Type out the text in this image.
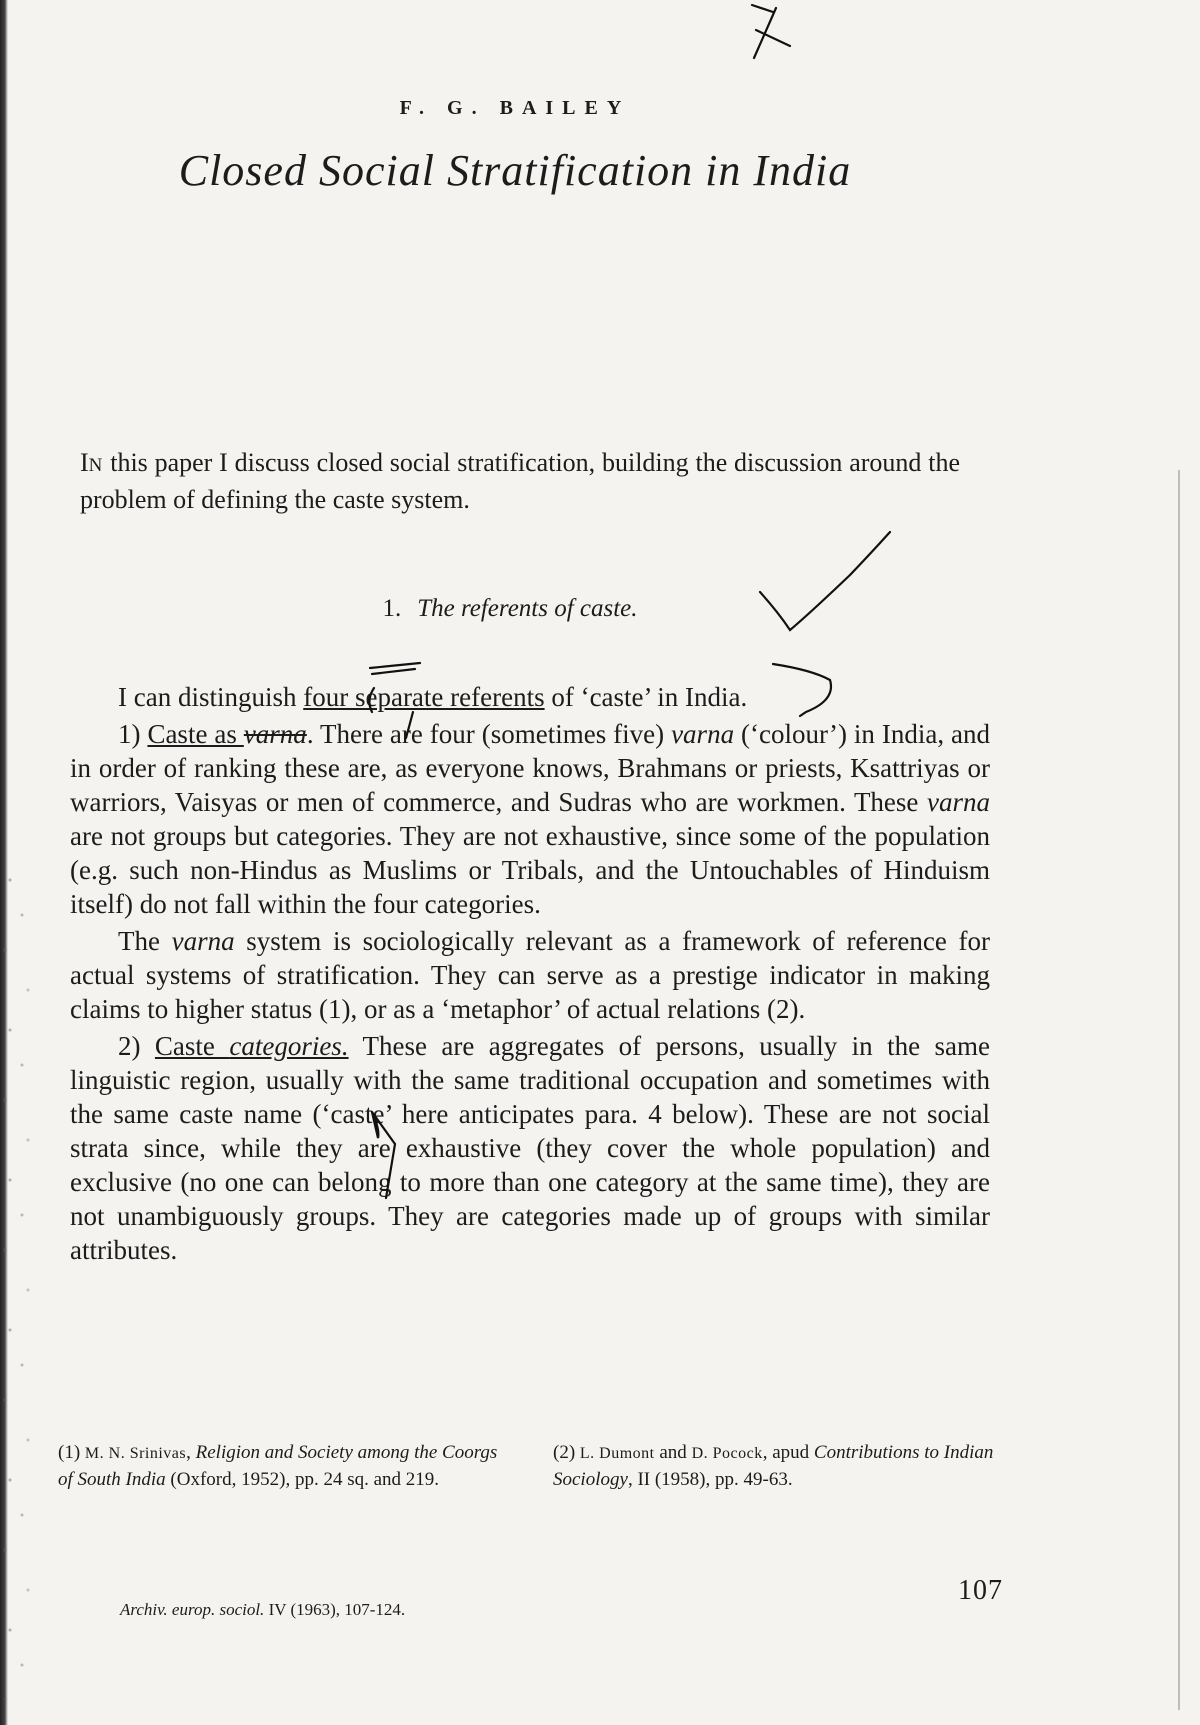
F. G. BAILEY
Closed Social Stratification in India
IN this paper I discuss closed social stratification, building the discussion around the problem of defining the caste system.
1. The referents of caste.

I can distinguish four separate referents of ‘caste’ in India.

1) Caste as varna. There are four (sometimes five) varna (‘colour’) in India, and in order of ranking these are, as everyone knows, Brahmans or priests, Ksattriyas or warriors, Vaisyas or men of commerce, and Sudras who are workmen. These varna are not groups but categories. They are not exhaustive, since some of the population (e.g. such non-Hindus as Muslims or Tribals, and the Untouchables of Hinduism itself) do not fall within the four categories.

The varna system is sociologically relevant as a framework of reference for actual systems of stratification. They can serve as a prestige indicator in making claims to higher status (1), or as a ‘metaphor’ of actual relations (2).

2) Caste categories. These are aggregates of persons, usually in the same linguistic region, usually with the same traditional occupation and sometimes with the same caste name (‘caste’ here anticipates para. 4 below). These are not social strata since, while they are exhaustive (they cover the whole population) and exclusive (no one can belong to more than one category at the same time), they are not unambiguously groups. They are categories made up of groups with similar attributes.

(1) M. N. Srinivas, Religion and Society among the Coorgs of South India (Oxford, 1952), pp. 24 sq. and 219.
(2) L. Dumont and D. Pocock, apud Contributions to Indian Sociology, II (1958), pp. 49-63.
107
Archiv. europ. sociol. IV (1963), 107-124.
